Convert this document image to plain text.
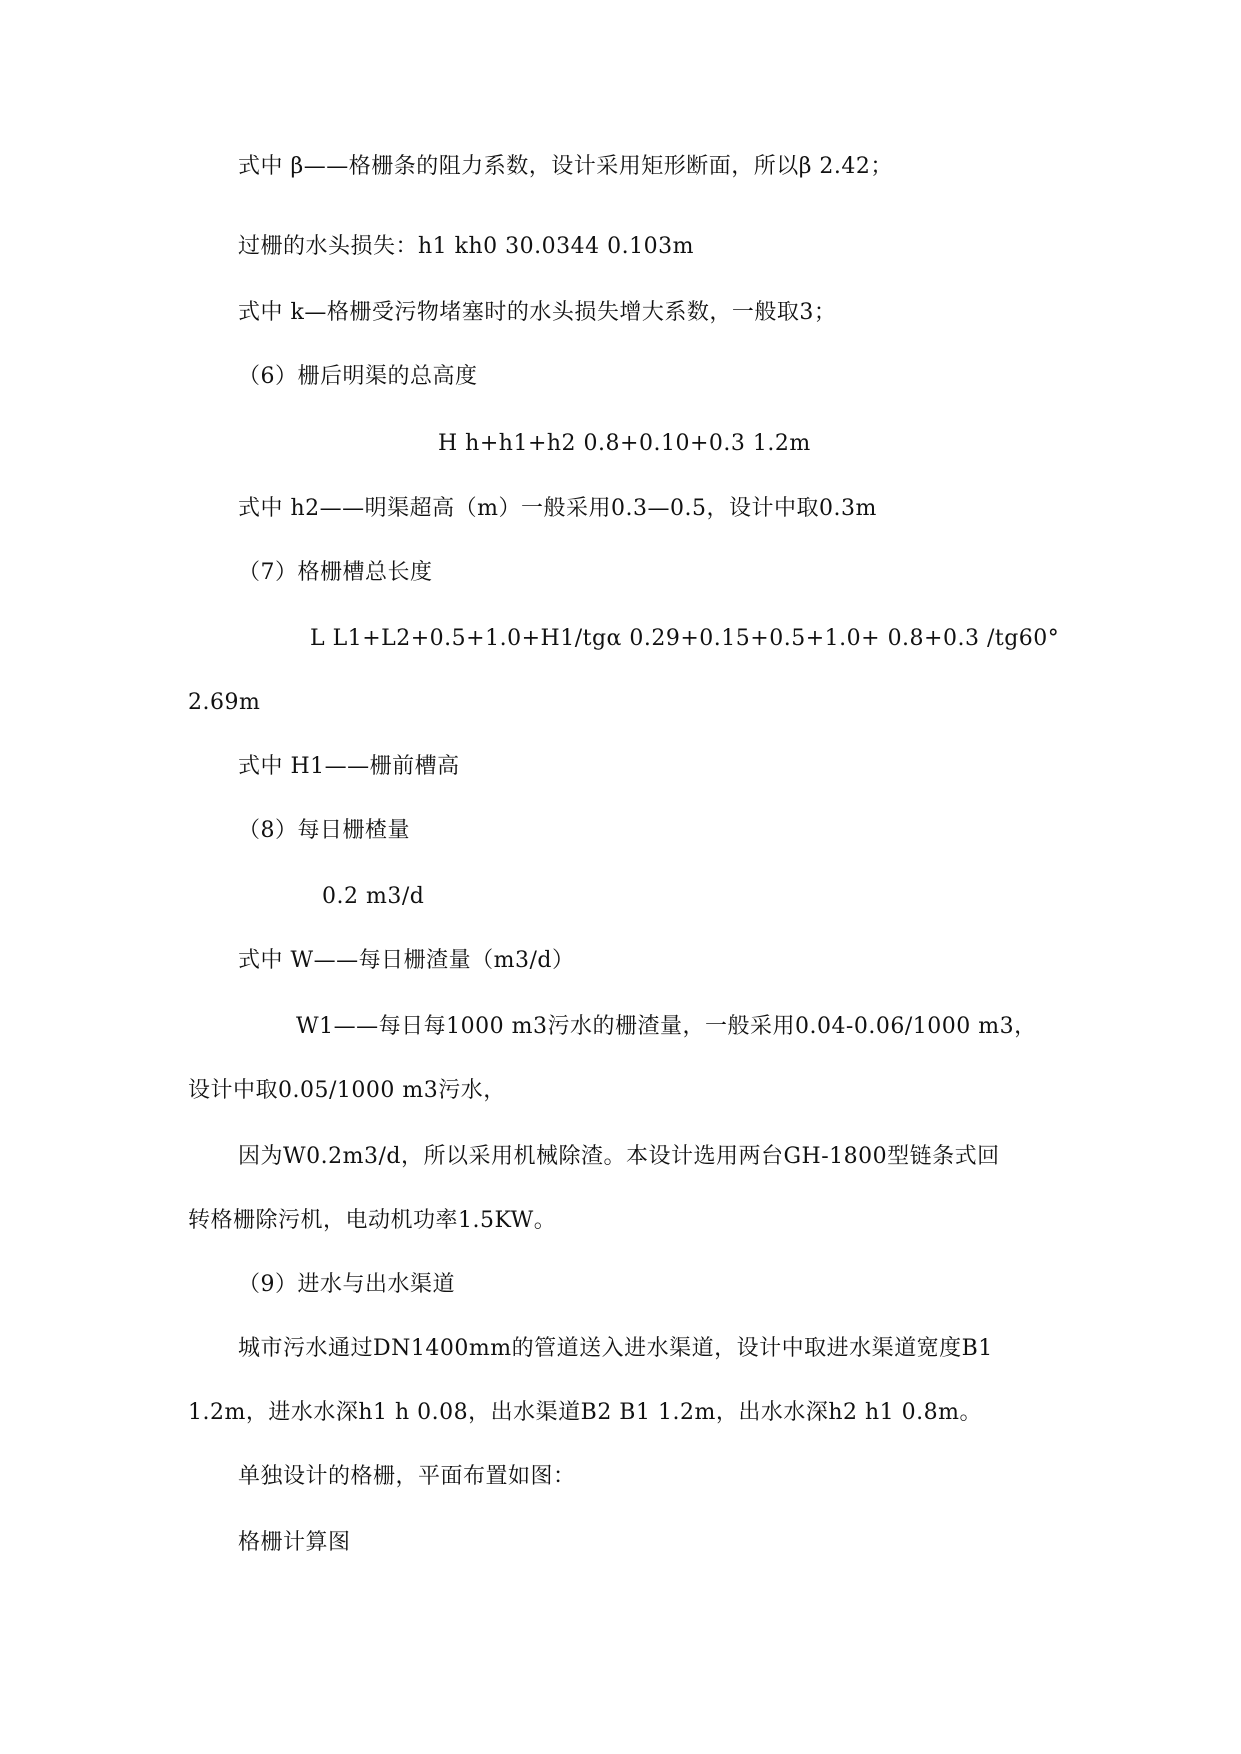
式中 β——格栅条的阻力系数，设计采用矩形断面，所以β 2.42；
过栅的水头损失：h1 kh0 30.0344 0.103m
式中 k—格栅受污物堵塞时的水头损失增大系数，一般取3；
（6）栅后明渠的总高度
H h+h1+h2 0.8+0.10+0.3 1.2m
式中 h2——明渠超高（m）一般采用0.3—0.5，设计中取0.3m
（7）格栅槽总长度
L L1+L2+0.5+1.0+H1/tgα 0.29+0.15+0.5+1.0+ 0.8+0.3 /tg60°
2.69m
式中 H1——栅前槽高
（8）每日栅楂量
0.2 m3/d
式中 W——每日栅渣量（m3/d）
W1——每日每1000 m3污水的栅渣量，一般采用0.04-0.06/1000 m3，
设计中取0.05/1000 m3污水，
因为W0.2m3/d，所以采用机械除渣。本设计选用两台GH-1800型链条式回
转格栅除污机，电动机功率1.5KW。
（9）进水与出水渠道
城市污水通过DN1400mm的管道送入进水渠道，设计中取进水渠道宽度B1
1.2m，进水水深h1 h 0.08，出水渠道B2 B1 1.2m，出水水深h2 h1 0.8m。
单独设计的格栅，平面布置如图：
格栅计算图
